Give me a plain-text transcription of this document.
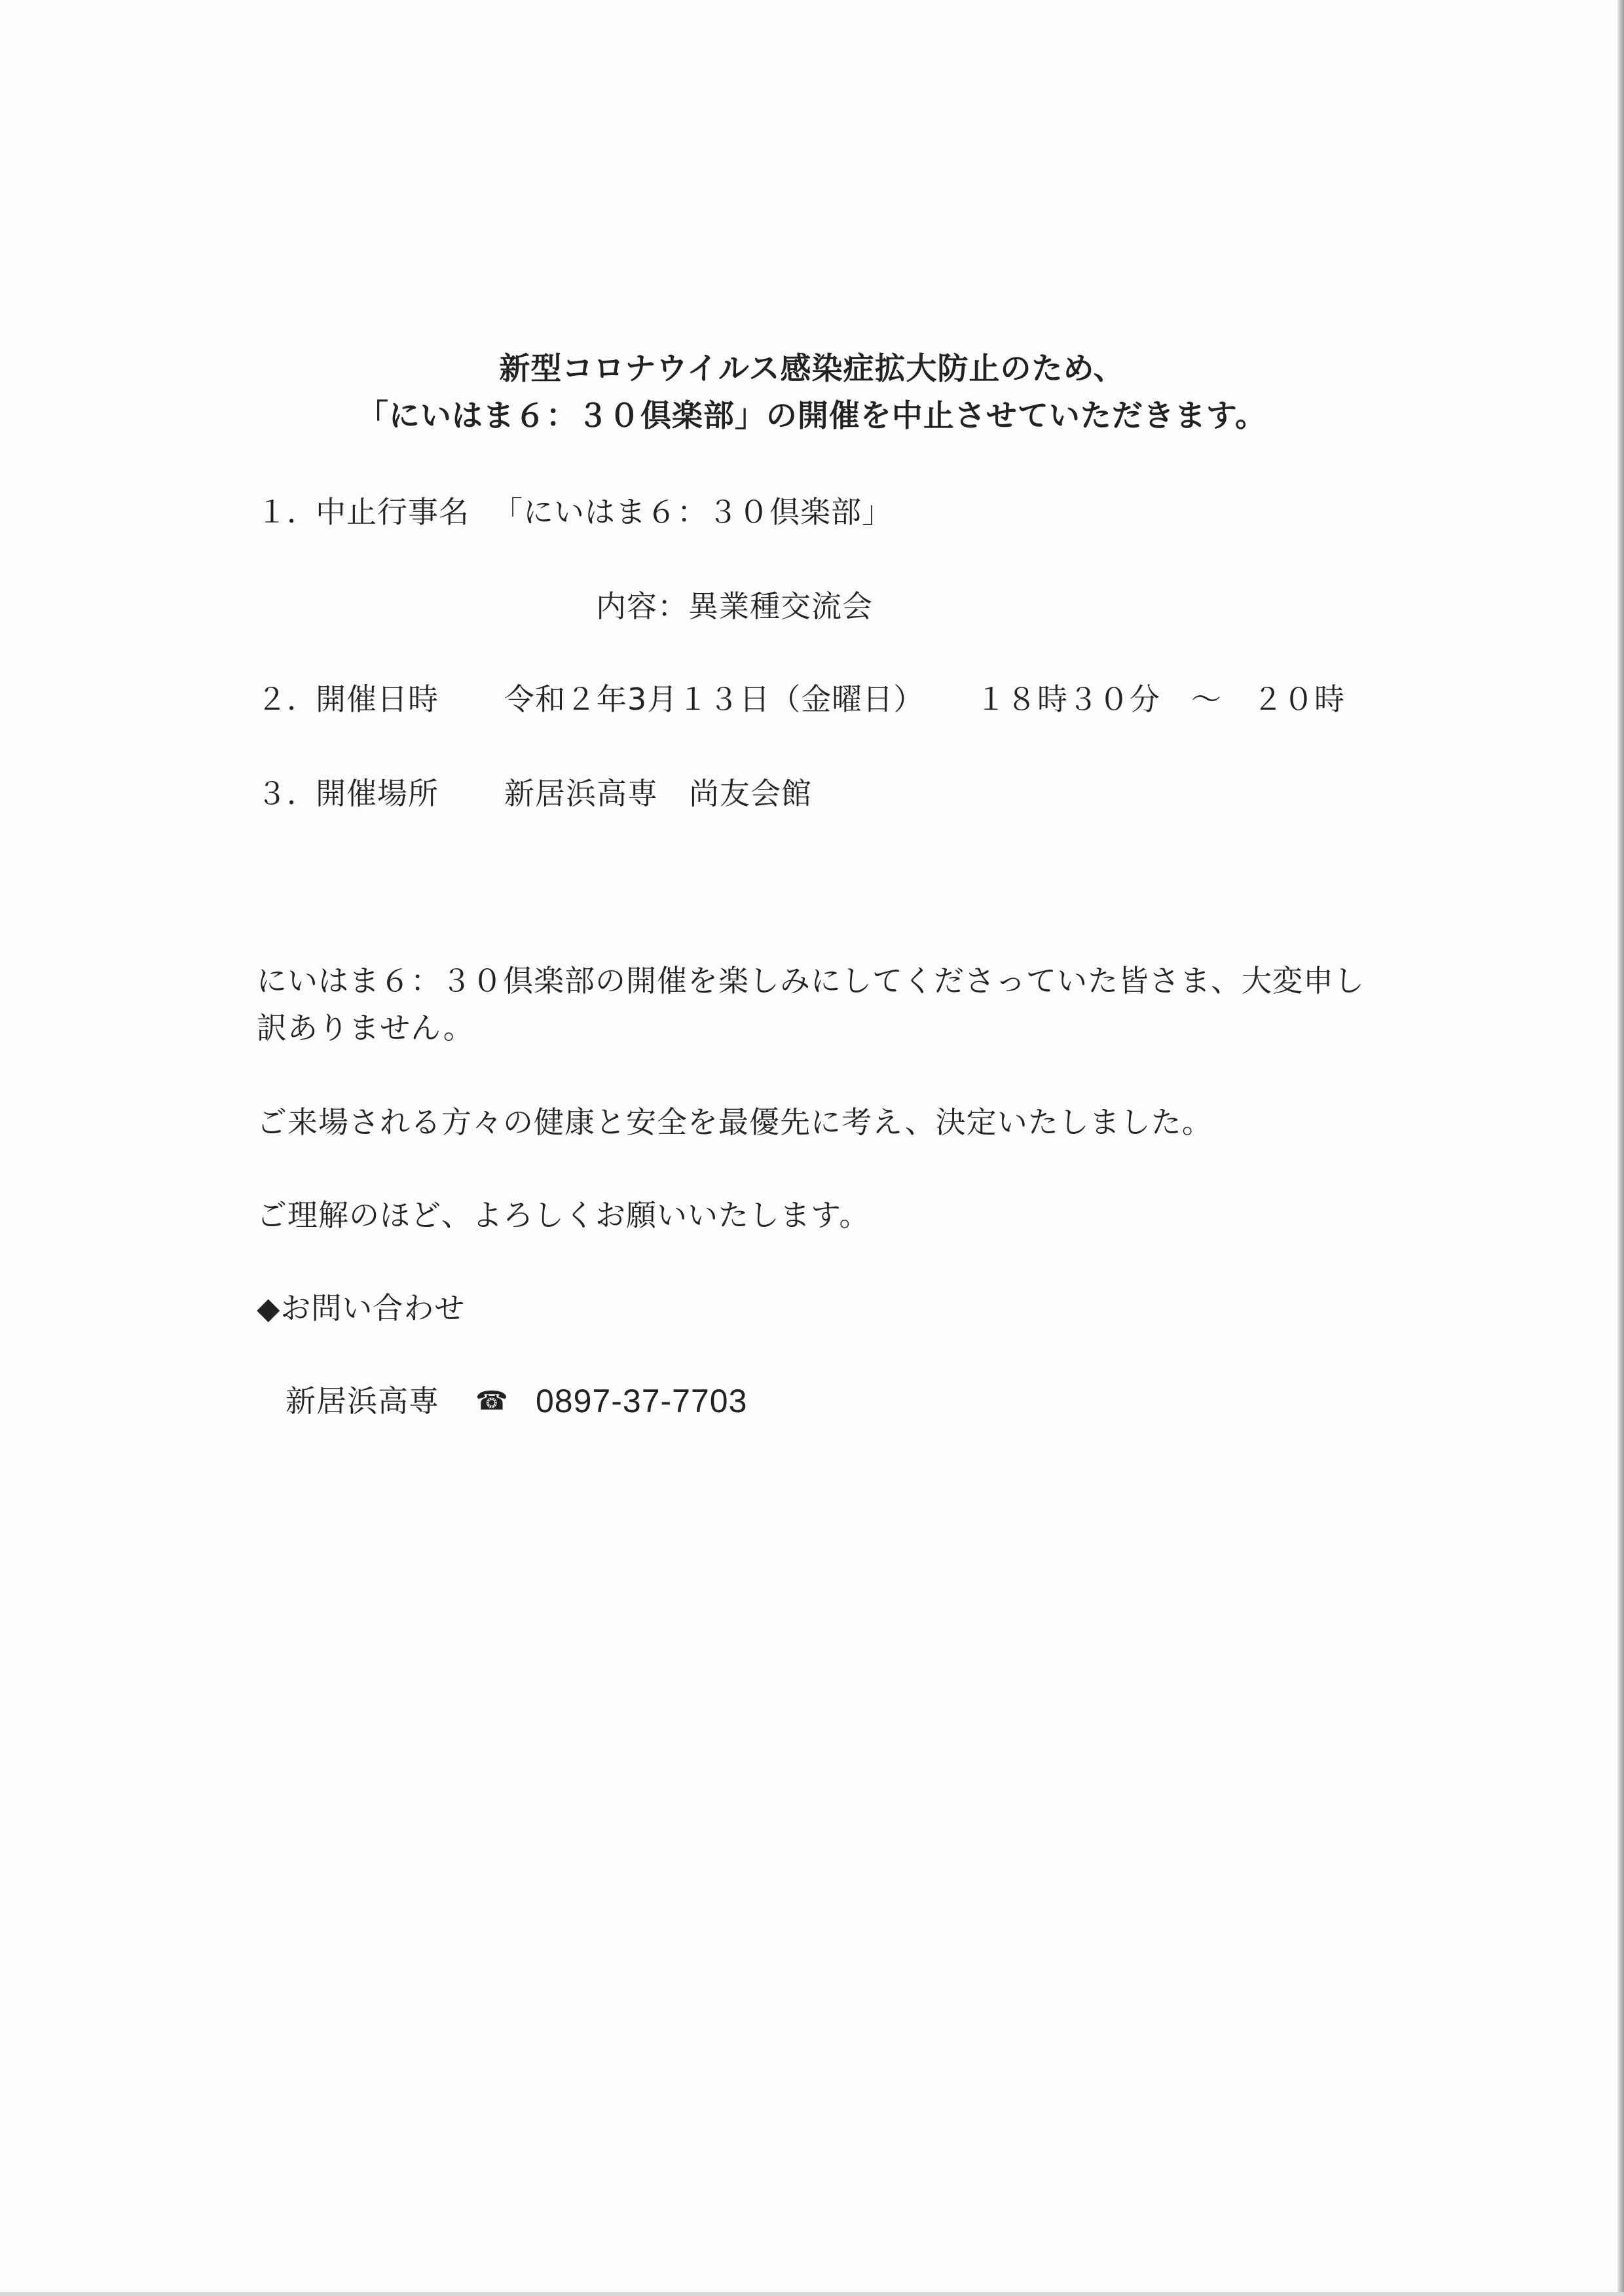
新型コロナウイルス感染症拡大防止のため、
「にいはま６：３０倶楽部」の開催を中止させていただきます。
１．
中止行事名 「にいはま６：３０倶楽部」
内容：異業種交流会
２．
開催日時 令和２年3月１３日（金曜日） １８時３０分　～　２０時
３．
開催場所 新居浜高専　尚友会館
にいはま６：３０倶楽部の開催を楽しみにしてくださっていた皆さま、大変申し
訳ありません。
ご来場される方々の健康と安全を最優先に考え、決定いたしました。
ご理解のほど、よろしくお願いいたします。
◆お問い合わせ
新居浜高専 ☎ 0897-37-7703
